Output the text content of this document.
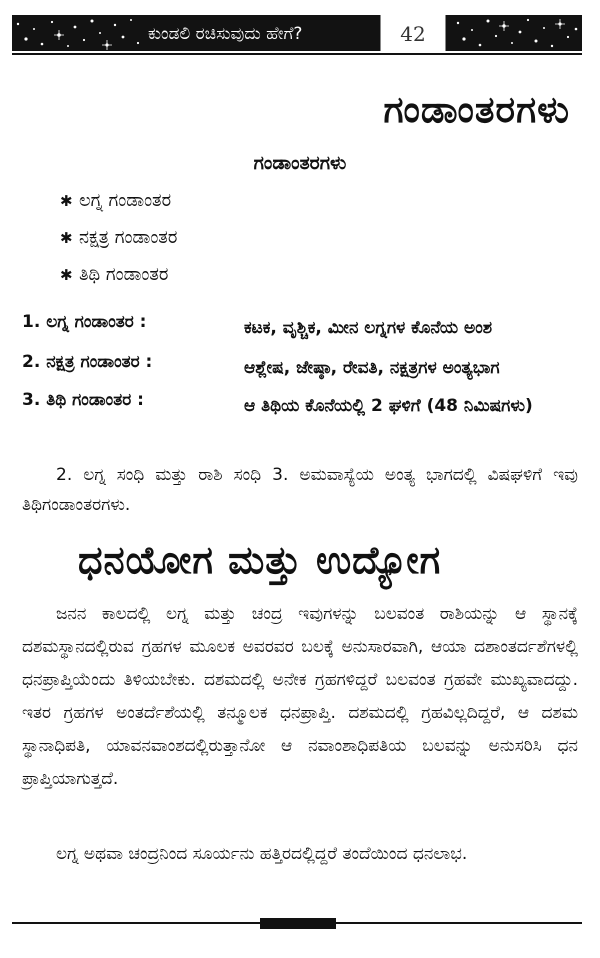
ಕುಂಡಲಿ ರಚಿಸುವುದು ಹೇಗೆ?	42
ಗಂಡಾಂತರಗಳು
ಗಂಡಾಂತರಗಳು
✱ ಲಗ್ನ ಗಂಡಾಂತರ
✱ ನಕ್ಷತ್ರ ಗಂಡಾಂತರ
✱ ತಿಥಿ ಗಂಡಾಂತರ
1. ಲಗ್ನ ಗಂಡಾಂತರ :	ಕಟಕ, ವೃಶ್ಚಿಕ, ಮೀನ ಲಗ್ನಗಳ ಕೊನೆಯ ಅಂಶ
2. ನಕ್ಷತ್ರ ಗಂಡಾಂತರ :	ಆಶ್ಲೇಷ, ಜೇಷ್ಠಾ, ರೇವತಿ, ನಕ್ಷತ್ರಗಳ ಅಂತ್ಯಭಾಗ
3. ತಿಥಿ ಗಂಡಾಂತರ :	ಆ ತಿಥಿಯ ಕೊನೆಯಲ್ಲಿ 2 ಘಳಿಗೆ (48 ನಿಮಿಷಗಳು)

2. ಲಗ್ನ ಸಂಧಿ ಮತ್ತು ರಾಶಿ ಸಂಧಿ 3. ಅಮವಾಸ್ಯೆಯ ಅಂತ್ಯ ಭಾಗದಲ್ಲಿ ವಿಷಘಳಿಗೆ ಇವು ತಿಥಿಗಂಡಾಂತರಗಳು.

ಧನಯೋಗ ಮತ್ತು ಉದ್ಯೋಗ

ಜನನ ಕಾಲದಲ್ಲಿ ಲಗ್ನ ಮತ್ತು ಚಂದ್ರ ಇವುಗಳನ್ನು ಬಲವಂತ ರಾಶಿಯನ್ನು ಆ ಸ್ಥಾನಕ್ಕೆ ದಶಮಸ್ಥಾನದಲ್ಲಿರುವ ಗ್ರಹಗಳ ಮೂಲಕ ಅವರವರ ಬಲಕ್ಕೆ ಅನುಸಾರವಾಗಿ, ಆಯಾ ದಶಾಂತರ್ದಶೆಗಳಲ್ಲಿ ಧನಪ್ರಾಪ್ತಿಯೆಂದು ತಿಳಿಯಬೇಕು. ದಶಮದಲ್ಲಿ ಅನೇಕ ಗ್ರಹಗಳಿದ್ದರೆ ಬಲವಂತ ಗ್ರಹವೇ ಮುಖ್ಯವಾದದ್ದು. ಇತರ ಗ್ರಹಗಳ ಅಂತರ್ದೆಶೆಯಲ್ಲಿ ತನ್ಮೂಲಕ ಧನಪ್ರಾಪ್ತಿ. ದಶಮದಲ್ಲಿ ಗ್ರಹವಿಲ್ಲದಿದ್ದರೆ, ಆ ದಶಮ ಸ್ಥಾನಾಧಿಪತಿ, ಯಾವನವಾಂಶದಲ್ಲಿರುತ್ತಾನೋ ಆ ನವಾಂಶಾಧಿಪತಿಯ ಬಲವನ್ನು ಅನುಸರಿಸಿ ಧನ ಪ್ರಾಪ್ತಿಯಾಗುತ್ತದೆ.

ಲಗ್ನ ಅಥವಾ ಚಂದ್ರನಿಂದ ಸೂರ್ಯನು ಹತ್ತಿರದಲ್ಲಿದ್ದರೆ ತಂದೆಯಿಂದ ಧನಲಾಭ.
